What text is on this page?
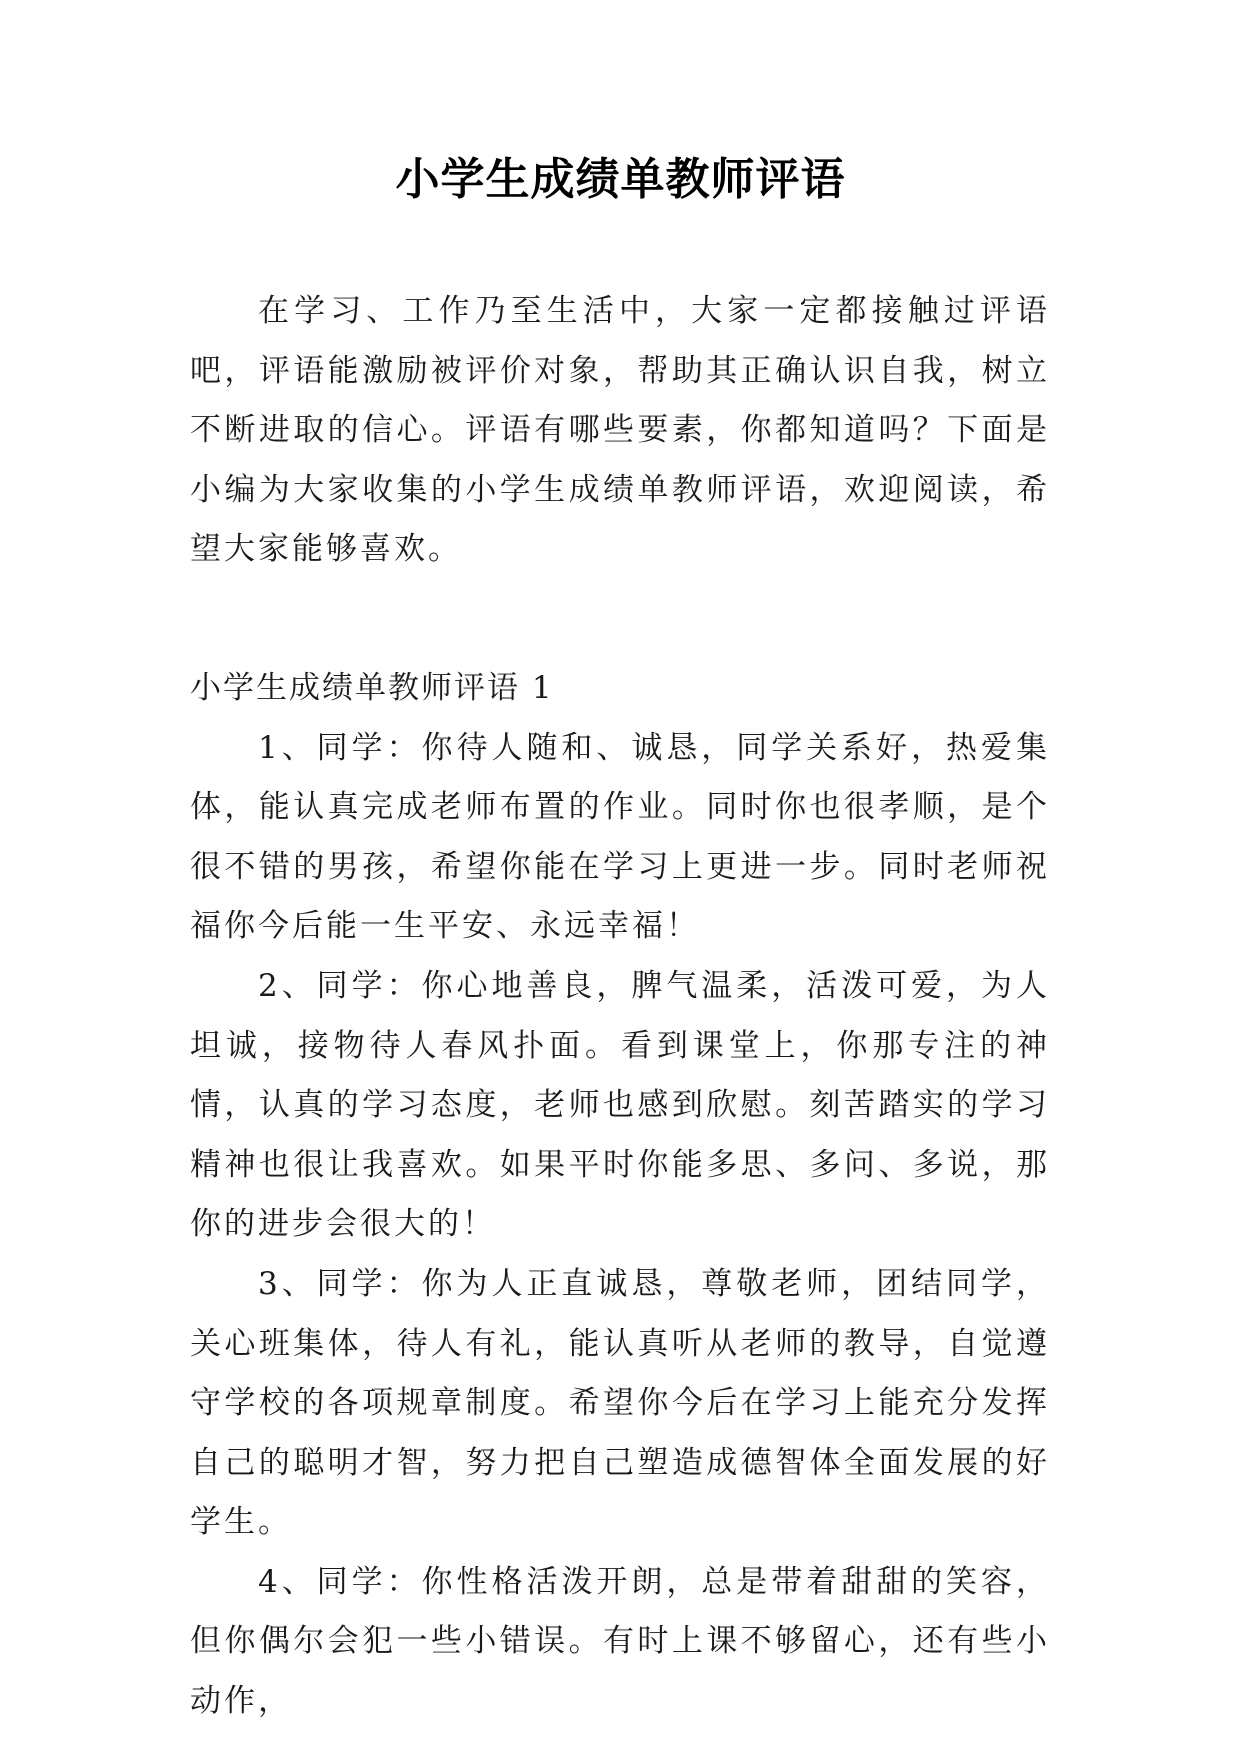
小学生成绩单教师评语

在学习、工作乃至生活中，大家一定都接触过评语吧，评语能激励被评价对象，帮助其正确认识自我，树立不断进取的信心。评语有哪些要素，你都知道吗？下面是小编为大家收集的小学生成绩单教师评语，欢迎阅读，希望大家能够喜欢。

小学生成绩单教师评语 1

1、同学：你待人随和、诚恳，同学关系好，热爱集体，能认真完成老师布置的作业。同时你也很孝顺，是个很不错的男孩，希望你能在学习上更进一步。同时老师祝福你今后能一生平安、永远幸福！

2、同学：你心地善良，脾气温柔，活泼可爱，为人坦诚，接物待人春风扑面。看到课堂上，你那专注的神情，认真的学习态度，老师也感到欣慰。刻苦踏实的学习精神也很让我喜欢。如果平时你能多思、多问、多说，那你的进步会很大的！

3、同学：你为人正直诚恳，尊敬老师，团结同学，关心班集体，待人有礼，能认真听从老师的教导，自觉遵守学校的各项规章制度。希望你今后在学习上能充分发挥自己的聪明才智，努力把自己塑造成德智体全面发展的好学生。

4、同学：你性格活泼开朗，总是带着甜甜的笑容，但你偶尔会犯一些小错误。有时上课不够留心，还有些小动作，
